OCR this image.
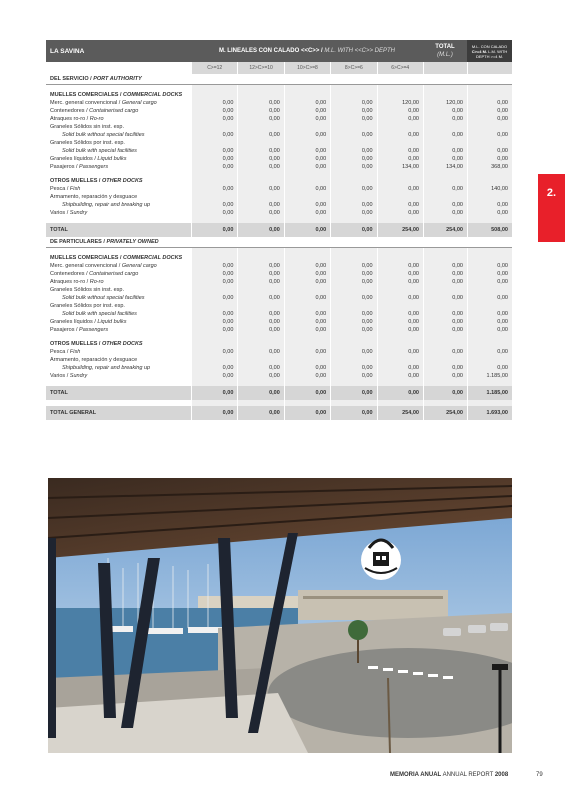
LA SAVINA	M. LINEALES CON CALADO <<C>> /
M.L. WITH <<C>> DEPTH
TOTAL
(M.L.)
M.L. CON CALADO
C>=4 M. L.M. WITH
DEPTH >=4 M.
C>=12	12>C>=10	10>C>=8	8>C>=6	6>C>=4
DEL SERVICIO / PORT AUTHORITY
MUELLES COMERCIALES / COMMERCIAL DOCKS
Merc. general convencional / General cargo	0,00	0,00	0,00	0,00	120,00	120,00	0,00
Contenedores / Containerised cargo	0,00	0,00	0,00	0,00	0,00	0,00	0,00
Atraques ro-ro / Ro-ro	0,00	0,00	0,00	0,00	0,00	0,00	0,00
Graneles Sólidos sin inst. esp.
Solid bulk without special facilities	0,00	0,00	0,00	0,00	0,00	0,00	0,00
Graneles Sólidos por inst. esp.
Solid bulk with special facilities	0,00	0,00	0,00	0,00	0,00	0,00	0,00
Graneles líquidos / Liquid bulks	0,00	0,00	0,00	0,00	0,00	0,00	0,00
Pasajeros / Passengers	0,00	0,00	0,00	0,00	134,00	134,00	368,00
OTROS MUELLES / OTHER DOCKS
Pesca / Fish	0,00	0,00	0,00	0,00	0,00	0,00	140,00
Armamento, reparación y desguace
Shipbuilding, repair and breaking up	0,00	0,00	0,00	0,00	0,00	0,00	0,00
Varios / Sundry	0,00	0,00	0,00	0,00	0,00	0,00	0,00
TOTAL	0,00	0,00	0,00	0,00	254,00	254,00	508,00
DE PARTICULARES / PRIVATELY OWNED
MUELLES COMERCIALES / COMMERCIAL DOCKS
Merc. general convencional / General cargo	0,00	0,00	0,00	0,00	0,00	0,00	0,00
Contenedores / Containerised cargo	0,00	0,00	0,00	0,00	0,00	0,00	0,00
Atraques ro-ro / Ro-ro	0,00	0,00	0,00	0,00	0,00	0,00	0,00
Graneles Sólidos sin inst. esp.
Solid bulk without special facilities	0,00	0,00	0,00	0,00	0,00	0,00	0,00
Graneles Sólidos por inst. esp.
Solid bulk with special facilities	0,00	0,00	0,00	0,00	0,00	0,00	0,00
Graneles líquidos / Liquid bulks	0,00	0,00	0,00	0,00	0,00	0,00	0,00
Pasajeros / Passengers	0,00	0,00	0,00	0,00	0,00	0,00	0,00
OTROS MUELLES / OTHER DOCKS
Pesca / Fish	0,00	0,00	0,00	0,00	0,00	0,00	0,00
Armamento, reparación y desguace
Shipbuilding, repair and breaking up	0,00	0,00	0,00	0,00	0,00	0,00	0,00
Varios / Sundry	0,00	0,00	0,00	0,00	0,00	0,00	1.185,00
TOTAL	0,00	0,00	0,00	0,00	0,00	0,00	1.185,00
TOTAL GENERAL	0,00	0,00	0,00	0,00	254,00	254,00	1.693,00
2.
MEMORIA ANUAL ANNUAL REPORT 2008	79
